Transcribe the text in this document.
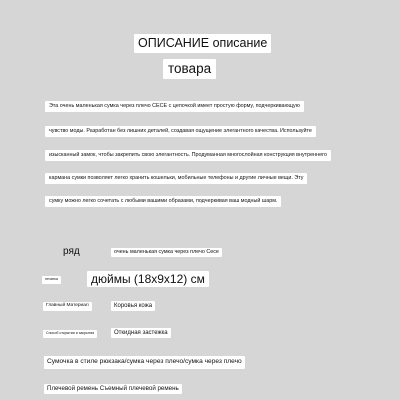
ОПИСАНИЕ описание
товара
Эта очень маленькая сумка через плечо CECE с цепочкой имеет простую форму, подчеркивающую
чувство моды. Разработан без лишних деталей, создавая ощущение элегантного качества. Используйте
изысканный замок, чтобы закрепить свою элегантность. Продуманная многослойная конструкция внутреннего
кармана сумки позволяет легко хранить кошельки, мобильные телефоны и другие личные вещи. Эту
сумку можно легко сочетать с любыми вашими образами, подчеркивая ваш модный шарм.
ряд	очень маленькая сумка через плечо Cece
печатка	дюймы (18x9x12) см
Главный Материал	Коровья кожа
Способ открытия и закрытия	Откидная застежка
Сумочка в стиле рюкзака/сумка через плечо/сумка через плечо
Плечевой ремень Съемный плечевой ремень
